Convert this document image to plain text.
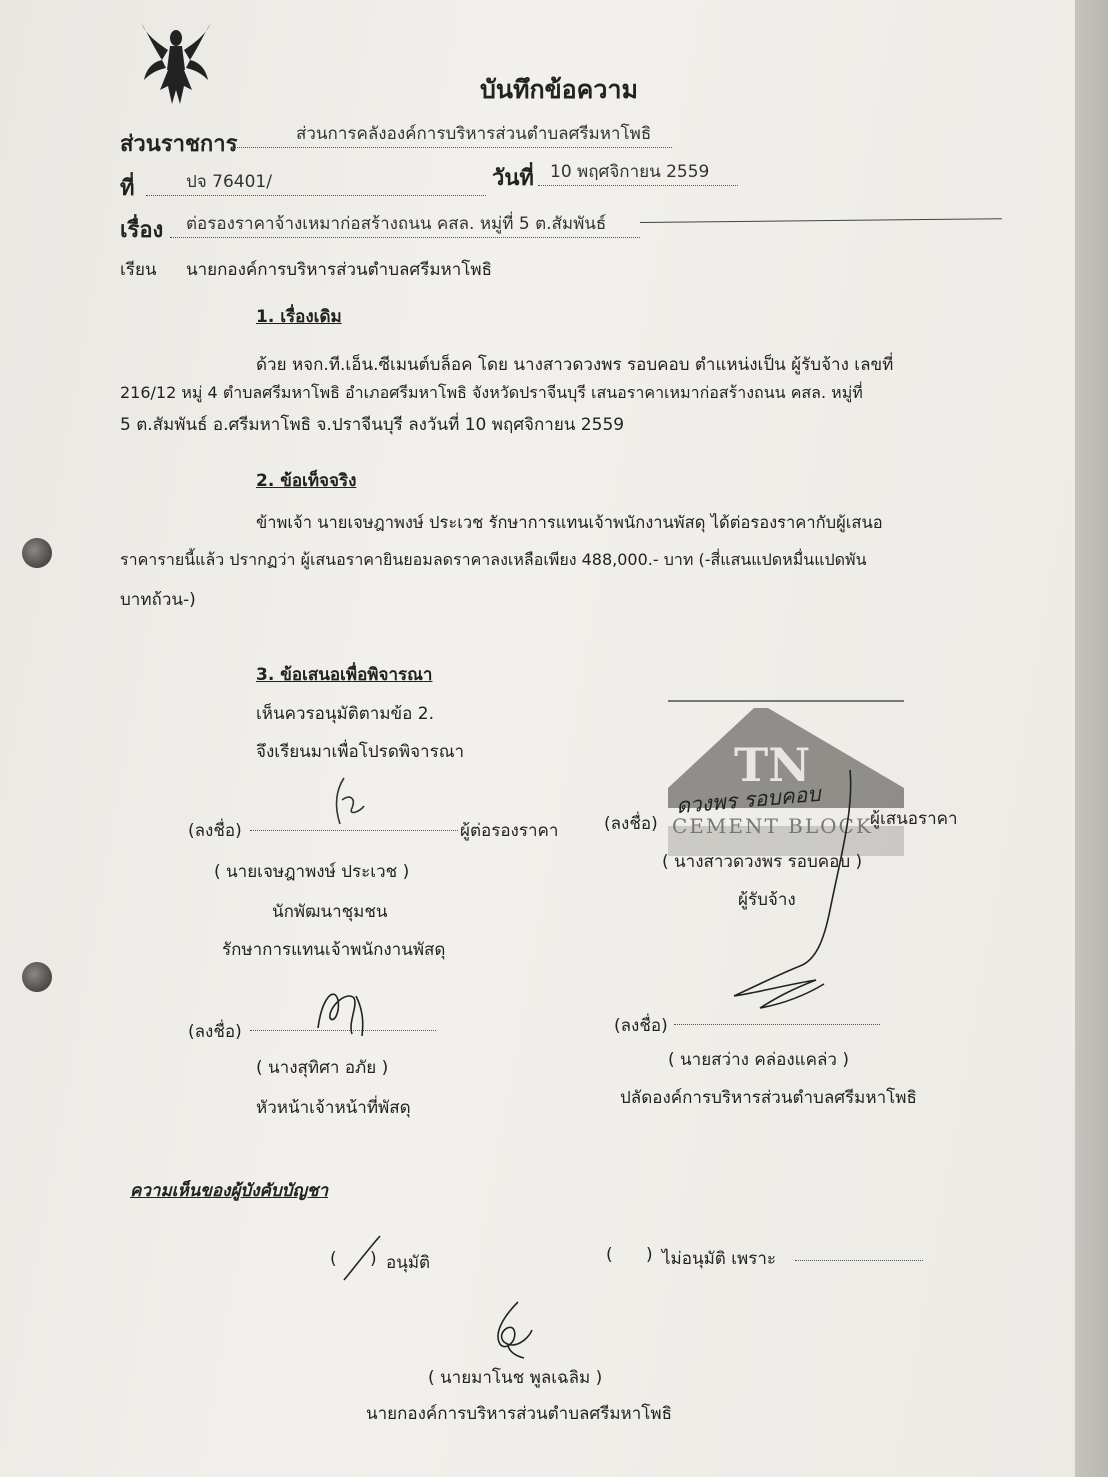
บันทึกข้อความ
ส่วนราชการ	ส่วนการคลังองค์การบริหารส่วนตำบลศรีมหาโพธิ
ที่	ปจ 76401/	วันที่ 10 พฤศจิกายน 2559
เรื่อง	ต่อรองราคาจ้างเหมาก่อสร้างถนน คสล. หมู่ที่ 5 ต.สัมพันธ์
เรียน นายกองค์การบริหารส่วนตำบลศรีมหาโพธิ
1. เรื่องเดิม
ด้วย หจก.ที.เอ็น.ซีเมนต์บล็อค โดย นางสาวดวงพร รอบคอบ ตำแหน่งเป็น ผู้รับจ้าง เลขที่
216/12 หมู่ 4 ตำบลศรีมหาโพธิ อำเภอศรีมหาโพธิ จังหวัดปราจีนบุรี เสนอราคาเหมาก่อสร้างถนน คสล. หมู่ที่
5 ต.สัมพันธ์ อ.ศรีมหาโพธิ จ.ปราจีนบุรี ลงวันที่ 10 พฤศจิกายน 2559
2. ข้อเท็จจริง
ข้าพเจ้า นายเจษฎาพงษ์ ประเวช รักษาการแทนเจ้าพนักงานพัสดุ ได้ต่อรองราคากับผู้เสนอ
ราคารายนี้แล้ว ปรากฏว่า ผู้เสนอราคายินยอมลดราคาลงเหลือเพียง 488,000.- บาท (-สี่แสนแปดหมื่นแปดพัน
บาทถ้วน-)
3. ข้อเสนอเพื่อพิจารณา
เห็นควรอนุมัติตามข้อ 2.
จึงเรียนมาเพื่อโปรดพิจารณา
(ลงชื่อ)	ผู้ต่อรองราคา
( นายเจษฎาพงษ์ ประเวช )
นักพัฒนาชุมชน
รักษาการแทนเจ้าพนักงานพัสดุ
TN
CEMENT BLOCK
(ลงชื่อ)
ดวงพร รอบคอบ
ผู้เสนอราคา
( นางสาวดวงพร รอบคอบ )
ผู้รับจ้าง
(ลงชื่อ)
( นางสุทิศา อภัย )
หัวหน้าเจ้าหน้าที่พัสดุ
(ลงชื่อ)
( นายสว่าง คล่องแคล่ว )
ปลัดองค์การบริหารส่วนตำบลศรีมหาโพธิ
ความเห็นของผู้บังคับบัญชา
( ) อนุมัติ	( ) ไม่อนุมัติ เพราะ
( นายมาโนช พูลเฉลิม )
นายกองค์การบริหารส่วนตำบลศรีมหาโพธิ
